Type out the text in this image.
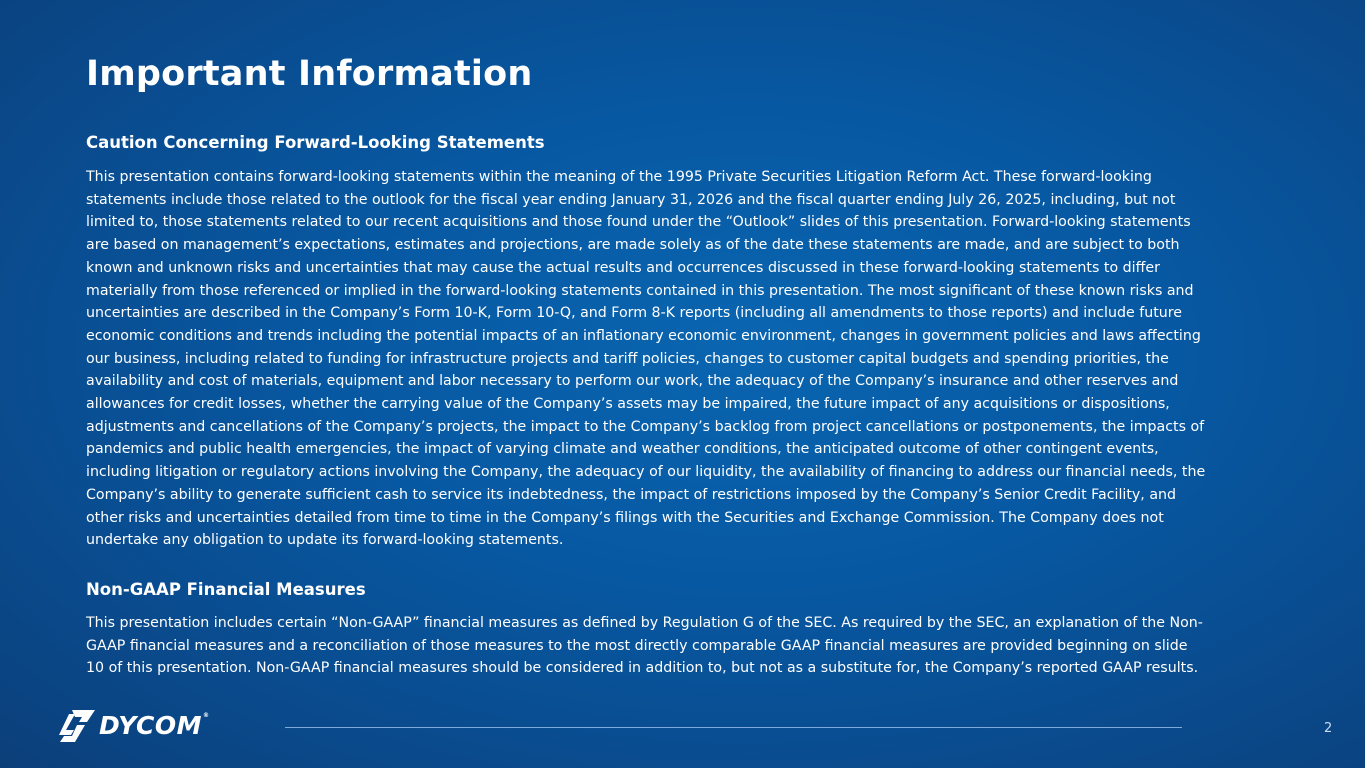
Important Information
Caution Concerning Forward-Looking Statements

This presentation contains forward-looking statements within the meaning of the 1995 Private Securities Litigation Reform Act. These forward-looking
statements include those related to the outlook for the fiscal year ending January 31, 2026 and the fiscal quarter ending July 26, 2025, including, but not
limited to, those statements related to our recent acquisitions and those found under the “Outlook” slides of this presentation. Forward-looking statements
are based on management’s expectations, estimates and projections, are made solely as of the date these statements are made, and are subject to both
known and unknown risks and uncertainties that may cause the actual results and occurrences discussed in these forward-looking statements to differ
materially from those referenced or implied in the forward-looking statements contained in this presentation. The most significant of these known risks and
uncertainties are described in the Company’s Form 10-K, Form 10-Q, and Form 8-K reports (including all amendments to those reports) and include future
economic conditions and trends including the potential impacts of an inflationary economic environment, changes in government policies and laws affecting
our business, including related to funding for infrastructure projects and tariff policies, changes to customer capital budgets and spending priorities, the
availability and cost of materials, equipment and labor necessary to perform our work, the adequacy of the Company’s insurance and other reserves and
allowances for credit losses, whether the carrying value of the Company’s assets may be impaired, the future impact of any acquisitions or dispositions,
adjustments and cancellations of the Company’s projects, the impact to the Company’s backlog from project cancellations or postponements, the impacts of
pandemics and public health emergencies, the impact of varying climate and weather conditions, the anticipated outcome of other contingent events,
including litigation or regulatory actions involving the Company, the adequacy of our liquidity, the availability of financing to address our financial needs, the
Company’s ability to generate sufficient cash to service its indebtedness, the impact of restrictions imposed by the Company’s Senior Credit Facility, and
other risks and uncertainties detailed from time to time in the Company’s filings with the Securities and Exchange Commission. The Company does not
undertake any obligation to update its forward-looking statements.

Non-GAAP Financial Measures

This presentation includes certain “Non-GAAP” financial measures as defined by Regulation G of the SEC. As required by the SEC, an explanation of the Non-
GAAP financial measures and a reconciliation of those measures to the most directly comparable GAAP financial measures are provided beginning on slide
10 of this presentation. Non-GAAP financial measures should be considered in addition to, but not as a substitute for, the Company’s reported GAAP results.

DYCOM®
2
